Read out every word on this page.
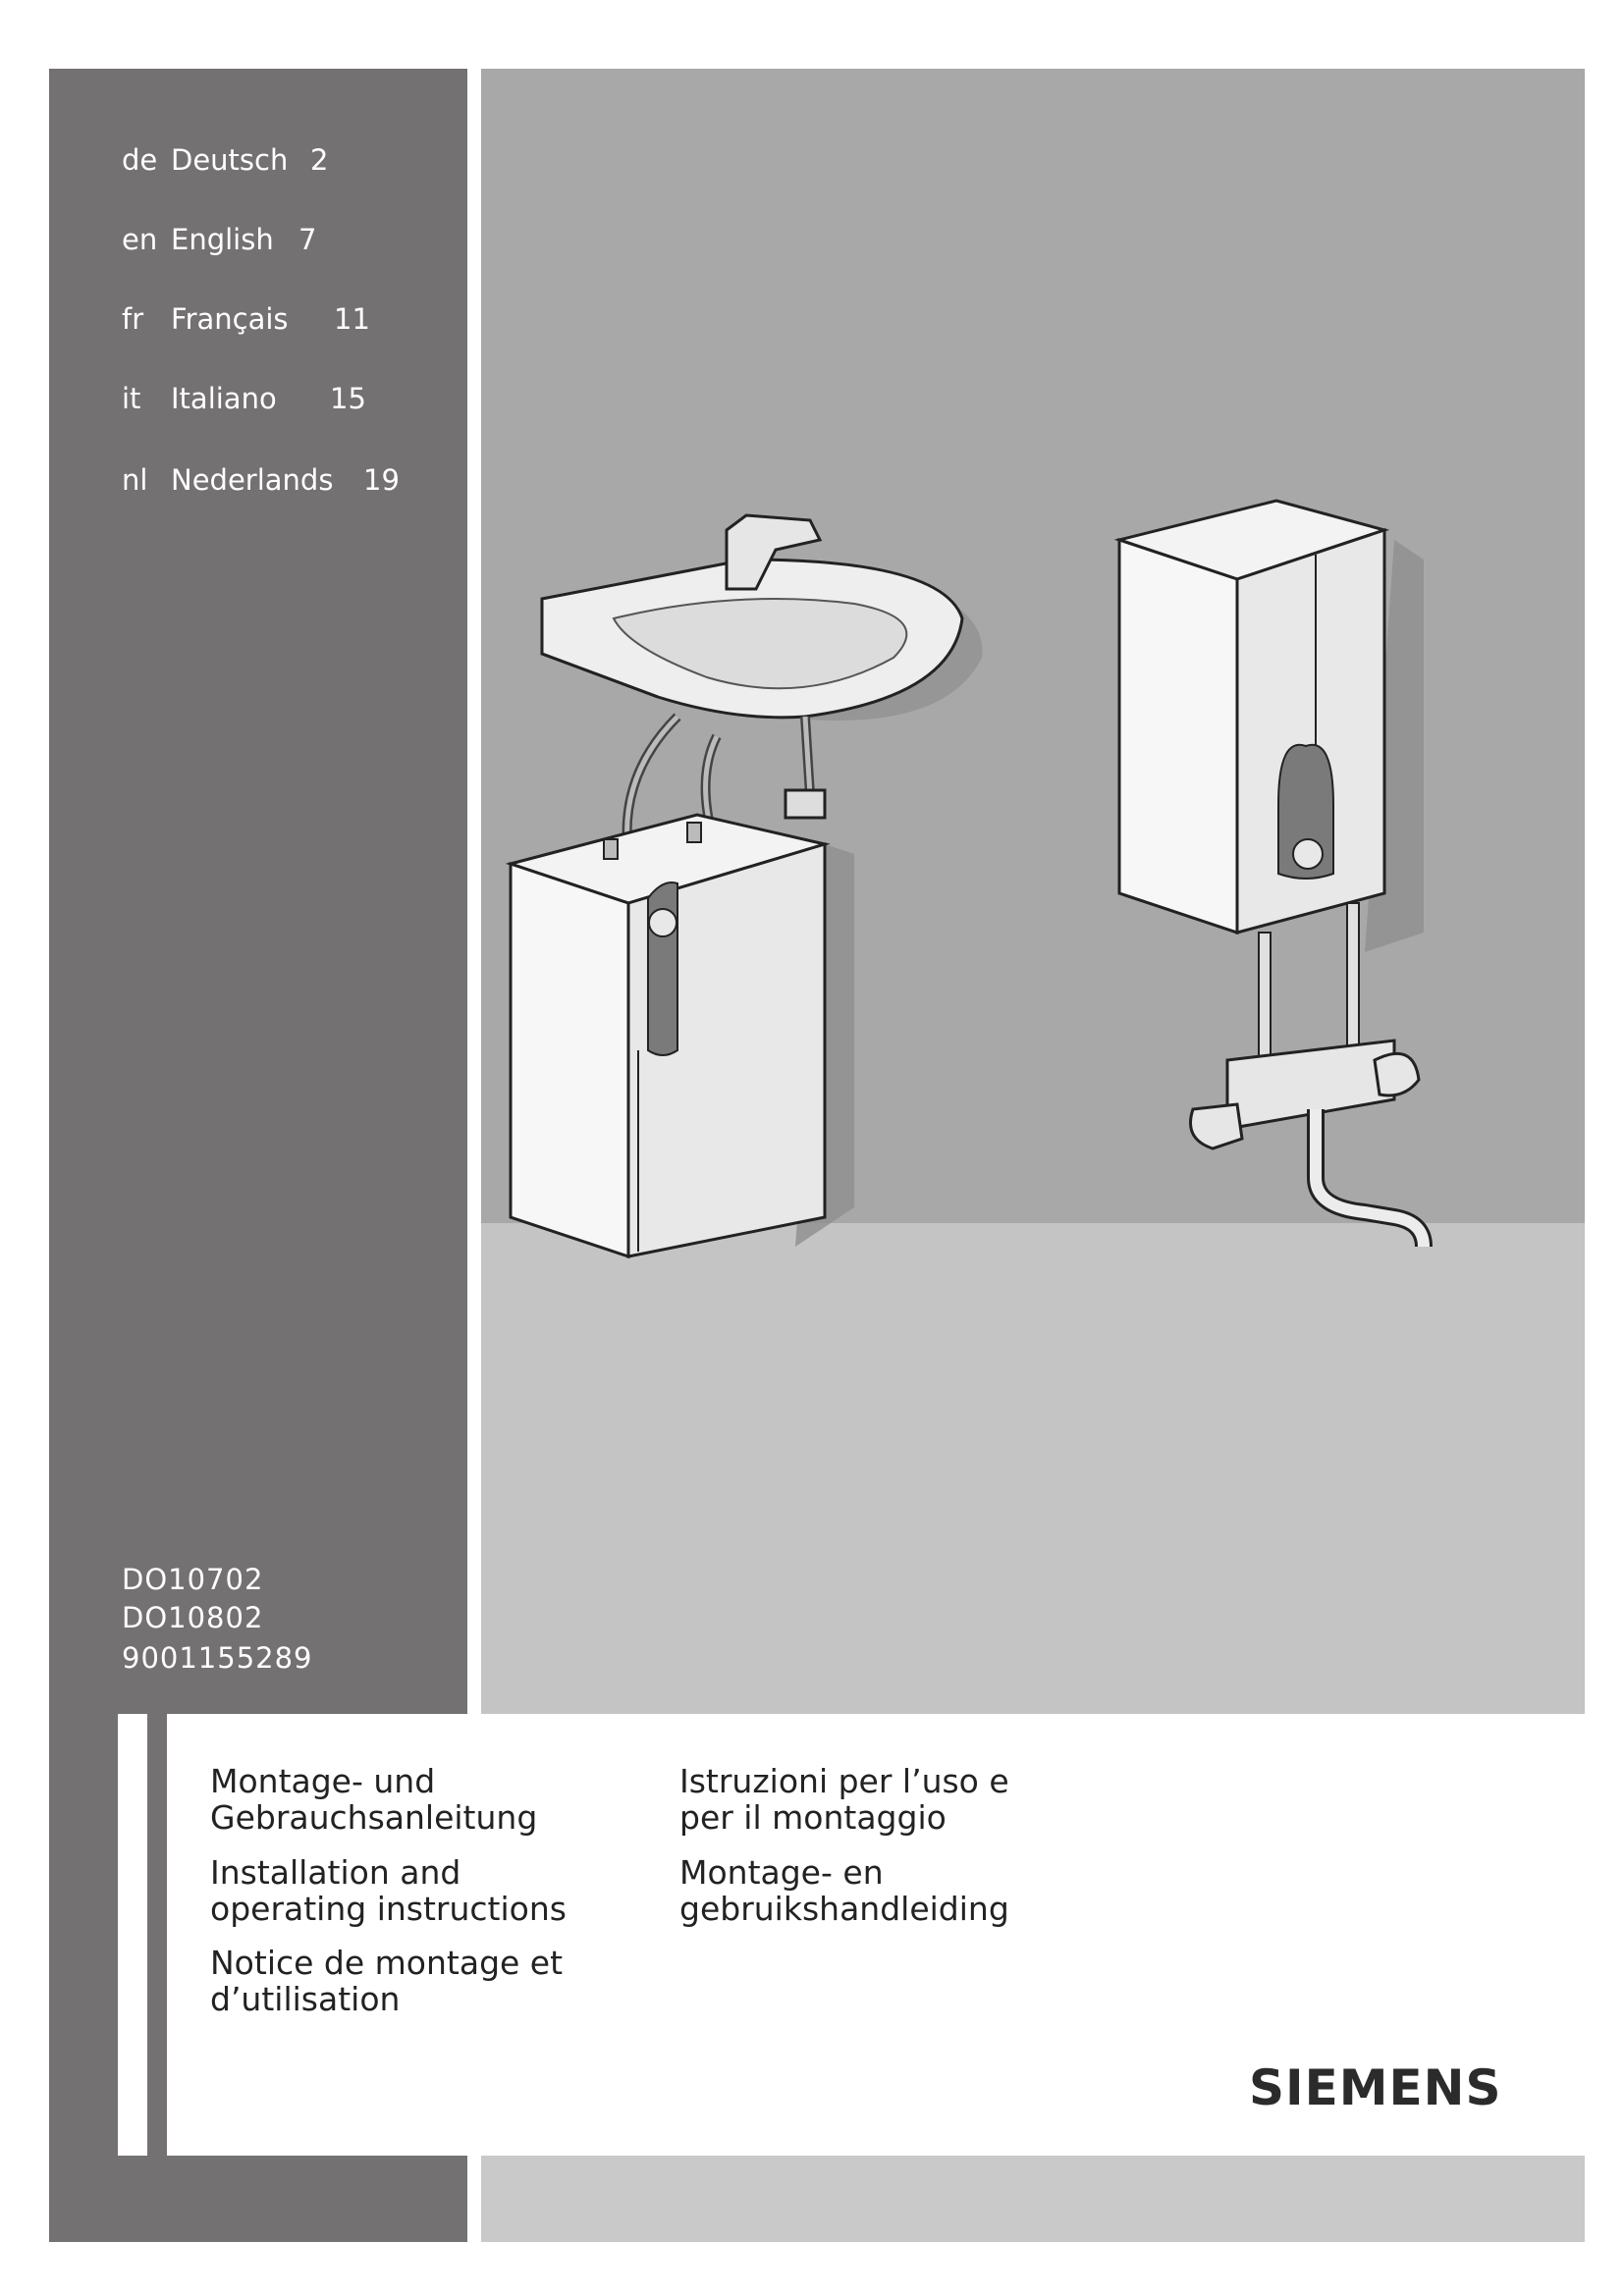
de Deutsch 2
en English 7
fr Français 11
it Italiano 15
nl Nederlands 19
DO10702
DO10802
9001155289
Montage- und
Gebrauchsanleitung
Installation and
operating instructions
Notice de montage et
d’utilisation
Istruzioni per l’uso e
per il montaggio
Montage- en
gebruikshandleiding
SIEMENS
